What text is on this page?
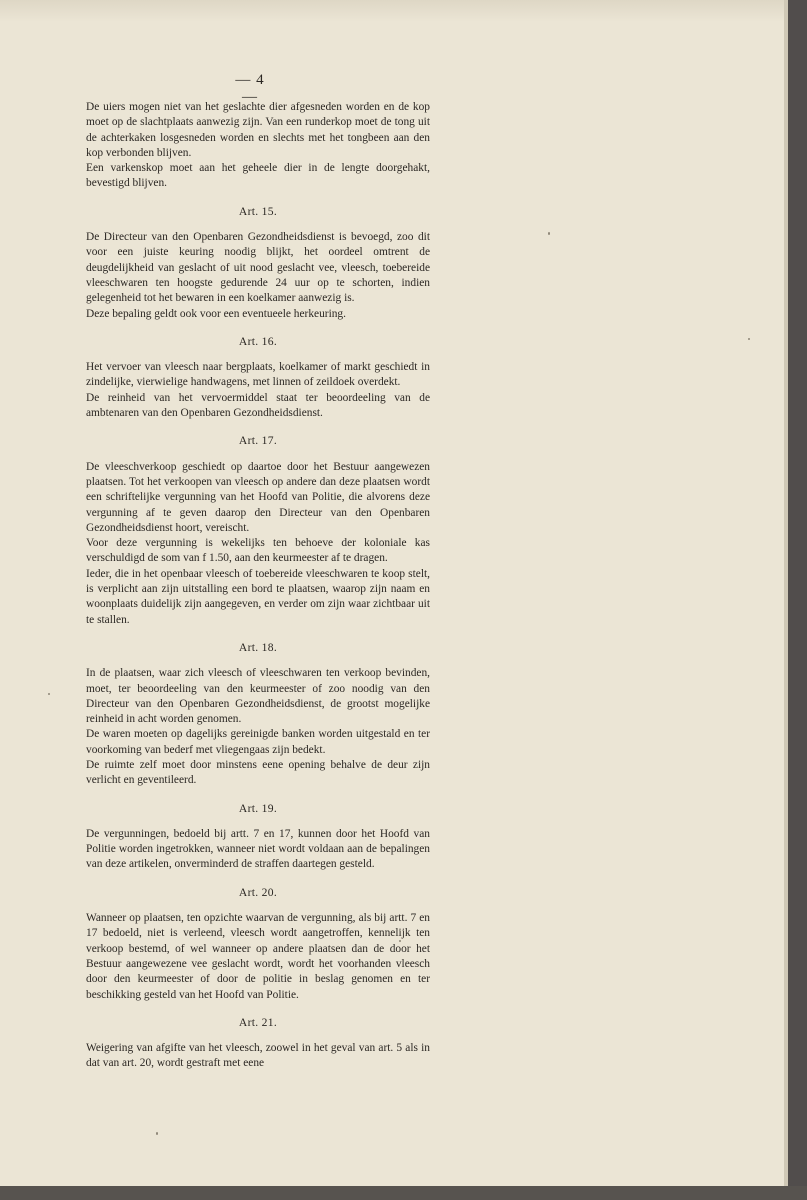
— 4 —

De uiers mogen niet van het geslachte dier afgesneden worden en de kop moet op de slachtplaats aanwezig zijn. Van een runderkop moet de tong uit de achterkaken losgesneden worden en slechts met het tongbeen aan den kop verbonden blijven.

Een varkenskop moet aan het geheele dier in de lengte doorgehakt, bevestigd blijven.

Art. 15.

De Directeur van den Openbaren Gezondheidsdienst is bevoegd, zoo dit voor een juiste keuring noodig blijkt, het oordeel omtrent de deugdelijkheid van geslacht of uit nood geslacht vee, vleesch, toebereide vleeschwaren ten hoogste gedurende 24 uur op te schorten, indien gelegenheid tot het bewaren in een koelkamer aanwezig is.

Deze bepaling geldt ook voor een eventueele herkeuring.

Art. 16.

Het vervoer van vleesch naar bergplaats, koelkamer of markt geschiedt in zindelijke, vierwielige handwagens, met linnen of zeildoek overdekt.

De reinheid van het vervoermiddel staat ter beoordeeling van de ambtenaren van den Openbaren Gezondheidsdienst.

Art. 17.

De vleeschverkoop geschiedt op daartoe door het Bestuur aangewezen plaatsen. Tot het verkoopen van vleesch op andere dan deze plaatsen wordt een schriftelijke vergunning van het Hoofd van Politie, die alvorens deze vergunning af te geven daarop den Directeur van den Openbaren Gezondheidsdienst hoort, vereischt.

Voor deze vergunning is wekelijks ten behoeve der koloniale kas verschuldigd de som van f 1.50, aan den keurmeester af te dragen.

Ieder, die in het openbaar vleesch of toebereide vleeschwaren te koop stelt, is verplicht aan zijn uitstalling een bord te plaatsen, waarop zijn naam en woonplaats duidelijk zijn aangegeven, en verder om zijn waar zichtbaar uit te stallen.

Art. 18.

In de plaatsen, waar zich vleesch of vleeschwaren ten verkoop bevinden, moet, ter beoordeeling van den keurmeester of zoo noodig van den Directeur van den Openbaren Gezondheidsdienst, de grootst mogelijke reinheid in acht worden genomen.

De waren moeten op dagelijks gereinigde banken worden uitgestald en ter voorkoming van bederf met vliegengaas zijn bedekt.

De ruimte zelf moet door minstens eene opening behalve de deur zijn verlicht en geventileerd.

Art. 19.

De vergunningen, bedoeld bij artt. 7 en 17, kunnen door het Hoofd van Politie worden ingetrokken, wanneer niet wordt voldaan aan de bepalingen van deze artikelen, onverminderd de straffen daartegen gesteld.

Art. 20.

Wanneer op plaatsen, ten opzichte waarvan de vergunning, als bij artt. 7 en 17 bedoeld, niet is verleend, vleesch wordt aangetroffen, kennelijk ten verkoop bestemd, of wel wanneer op andere plaatsen dan de door het Bestuur aangewezene vee geslacht wordt, wordt het voorhanden vleesch door den keurmeester of door de politie in beslag genomen en ter beschikking gesteld van het Hoofd van Politie.

Art. 21.

Weigering van afgifte van het vleesch, zoowel in het geval van art. 5 als in dat van art. 20, wordt gestraft met eene
